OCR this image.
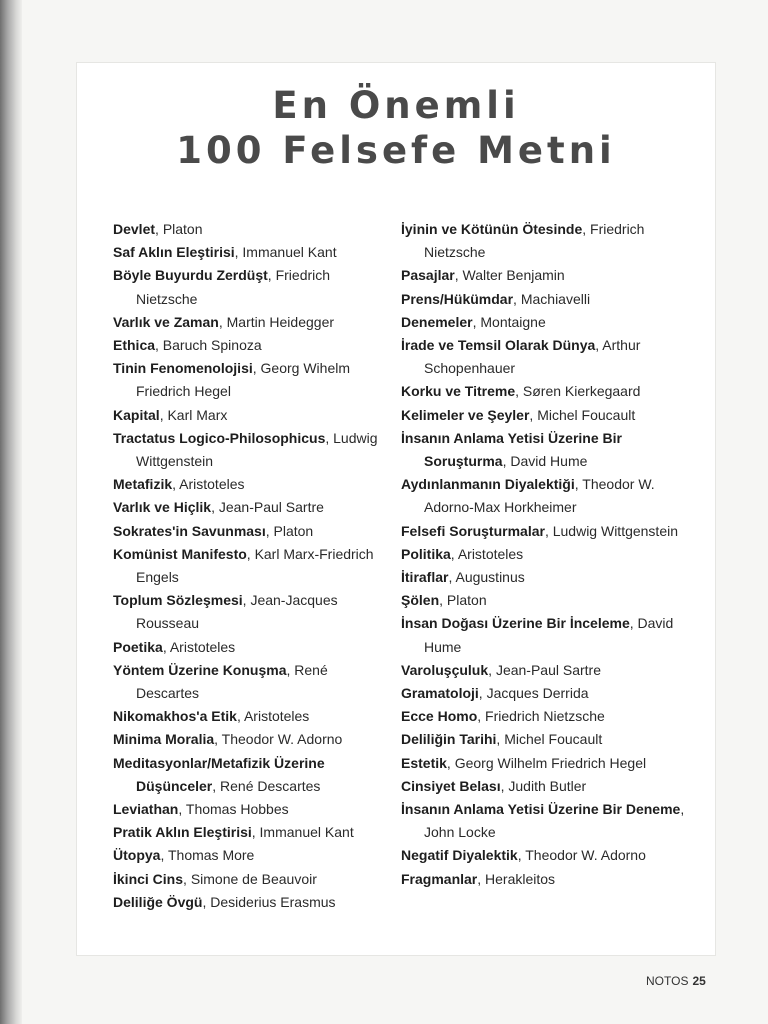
En Önemli
100 Felsefe Metni
Devlet, Platon
Saf Aklın Eleştirisi, Immanuel Kant
Böyle Buyurdu Zerdüşt, Friedrich Nietzsche
Varlık ve Zaman, Martin Heidegger
Ethica, Baruch Spinoza
Tinin Fenomenolojisi, Georg Wihelm Friedrich Hegel
Kapital, Karl Marx
Tractatus Logico-Philosophicus, Ludwig Wittgenstein
Metafizik, Aristoteles
Varlık ve Hiçlik, Jean-Paul Sartre
Sokrates'in Savunması, Platon
Komünist Manifesto, Karl Marx-Friedrich Engels
Toplum Sözleşmesi, Jean-Jacques Rousseau
Poetika, Aristoteles
Yöntem Üzerine Konuşma, René Descartes
Nikomakhos'a Etik, Aristoteles
Minima Moralia, Theodor W. Adorno
Meditasyonlar/Metafizik Üzerine Düşünceler, René Descartes
Leviathan, Thomas Hobbes
Pratik Aklın Eleştirisi, Immanuel Kant
Ütopya, Thomas More
İkinci Cins, Simone de Beauvoir
Deliliğe Övgü, Desiderius Erasmus
İyinin ve Kötünün Ötesinde, Friedrich Nietzsche
Pasajlar, Walter Benjamin
Prens/Hükümdar, Machiavelli
Denemeler, Montaigne
İrade ve Temsil Olarak Dünya, Arthur Schopenhauer
Korku ve Titreme, Søren Kierkegaard
Kelimeler ve Şeyler, Michel Foucault
İnsanın Anlama Yetisi Üzerine Bir Soruşturma, David Hume
Aydınlanmanın Diyalektiği, Theodor W. Adorno-Max Horkheimer
Felsefi Soruşturmalar, Ludwig Wittgenstein
Politika, Aristoteles
İtiraflar, Augustinus
Şölen, Platon
İnsan Doğası Üzerine Bir İnceleme, David Hume
Varoluşçuluk, Jean-Paul Sartre
Gramatoloji, Jacques Derrida
Ecce Homo, Friedrich Nietzsche
Deliliğin Tarihi, Michel Foucault
Estetik, Georg Wilhelm Friedrich Hegel
Cinsiyet Belası, Judith Butler
İnsanın Anlama Yetisi Üzerine Bir Deneme, John Locke
Negatif Diyalektik, Theodor W. Adorno
Fragmanlar, Herakleitos
NOTOS 25
